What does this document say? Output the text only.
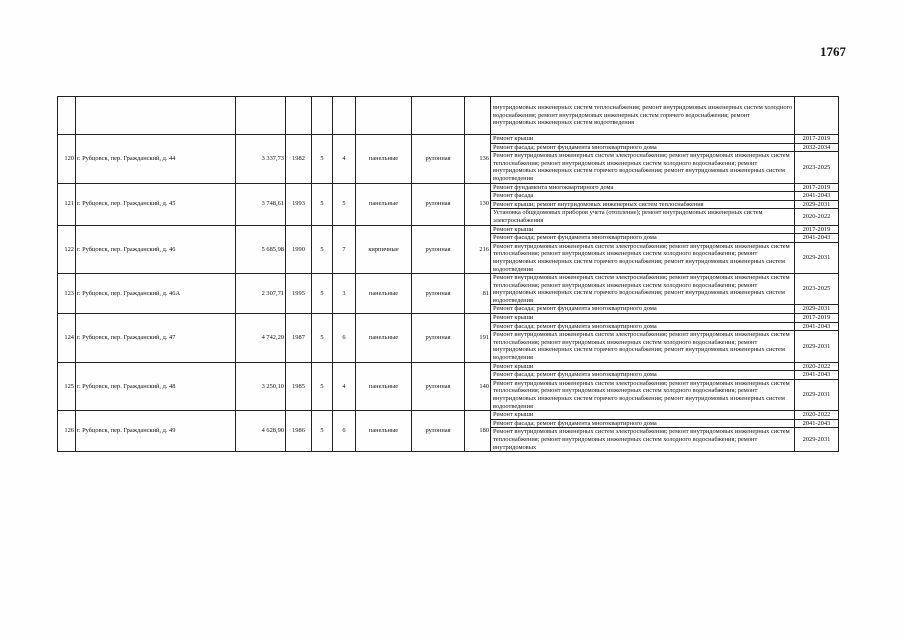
1767
									внутридомовых инженерных систем теплоснабжения; ремонт внутридомовых инженерных систем холодного водоснабжения; ремонт внутридомовых инженерных систем горячего водоснабжения; ремонт внутридомовых инженерных систем водоотведения	
120	г. Рубцовск, пер. Гражданский, д. 44	3 337,73	1982	5	4	панельные	рулонная	136	Ремонт крыши	2017-2019
									Ремонт фасада; ремонт фундамента многоквартирного дома	2032-2034
									Ремонт внутридомовых инженерных систем электроснабжения; ремонт внутридомовых инженерных систем теплоснабжения; ремонт внутридомовых инженерных систем холодного водоснабжения; ремонт внутридомовых инженерных систем горячего водоснабжения; ремонт внутридомовых инженерных систем водоотведения	2023-2025
121	г. Рубцовск, пер. Гражданский, д. 45	3 748,61	1993	5	5	панельные	рулонная	130	Ремонт фундамента многоквартирного дома	2017-2019
									Ремонт фасада	2041-2043
									Ремонт крыши; ремонт внутридомовых инженерных систем теплоснабжения	2029-2031
									Установка общедомовых приборов учета (отопление); ремонт внутридомовых инженерных систем электроснабжения	2020-2022
122	г. Рубцовск, пер. Гражданский, д. 46	5 685,98	1990	5	7	кирпичные	рулонная	216	Ремонт крыши	2017-2019
									Ремонт фасада; ремонт фундамента многоквартирного дома	2041-2043
									Ремонт внутридомовых инженерных систем электроснабжения; ремонт внутридомовых инженерных систем теплоснабжения; ремонт внутридомовых инженерных систем холодного водоснабжения; ремонт внутридомовых инженерных систем горячего водоснабжения; ремонт внутридомовых инженерных систем водоотведения	2029-2031
123	г. Рубцовск, пер. Гражданский, д. 46А	2 307,71	1995	5	3	панельные	рулонная	81	Ремонт внутридомовых инженерных систем электроснабжения; ремонт внутридомовых инженерных систем теплоснабжения; ремонт внутридомовых инженерных систем холодного водоснабжения; ремонт внутридомовых инженерных систем горячего водоснабжения; ремонт внутридомовых инженерных систем водоотведения	2023-2025
									Ремонт фасада; ремонт фундамента многоквартирного дома	2029-2031
124	г. Рубцовск, пер. Гражданский, д. 47	4 742,20	1987	5	6	панельные	рулонная	191	Ремонт крыши	2017-2019
									Ремонт фасада; ремонт фундамента многоквартирного дома	2041-2043
									Ремонт внутридомовых инженерных систем электроснабжения; ремонт внутридомовых инженерных систем теплоснабжения; ремонт внутридомовых инженерных систем холодного водоснабжения; ремонт внутридомовых инженерных систем горячего водоснабжения; ремонт внутридомовых инженерных систем водоотведения	2029-2031
125	г. Рубцовск, пер. Гражданский, д. 48	3 250,10	1985	5	4	панельные	рулонная	140	Ремонт крыши	2020-2022
									Ремонт фасада; ремонт фундамента многоквартирного дома	2041-2043
									Ремонт внутридомовых инженерных систем электроснабжения; ремонт внутридомовых инженерных систем теплоснабжения; ремонт внутридомовых инженерных систем холодного водоснабжения; ремонт внутридомовых инженерных систем горячего водоснабжения; ремонт внутридомовых инженерных систем водоотведения	2029-2031
126	г. Рубцовск, пер. Гражданский, д. 49	4 628,90	1986	5	6	панельные	рулонная	180	Ремонт крыши	2020-2022
									Ремонт фасада; ремонт фундамента многоквартирного дома	2041-2043
									Ремонт внутридомовых инженерных систем электроснабжения; ремонт внутридомовых инженерных систем теплоснабжения; ремонт внутридомовых инженерных систем холодного водоснабжения; ремонт внутридомовых	2029-2031
